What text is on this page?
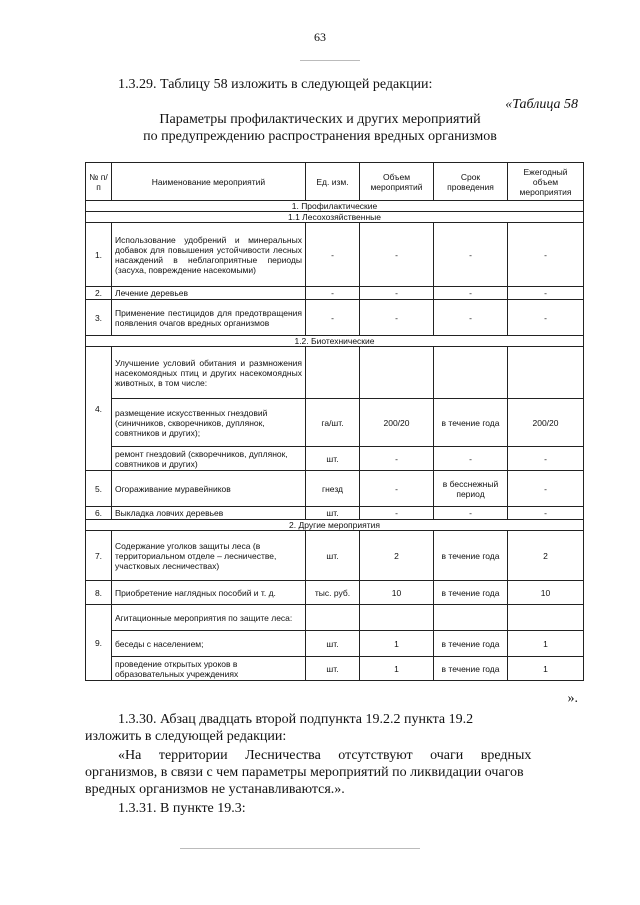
63
1.3.29. Таблицу 58 изложить в следующей редакции:
«Таблица 58
Параметры профилактических и других мероприятий
по предупреждению распространения вредных организмов
№ п/п	Наименование мероприятий	Ед. изм.	Объем мероприятий	Срок проведения	Ежегодный объем мероприятия
1. Профилактические					
1.1 Лесохозяйственные					
1.	Использование удобрений и минеральных добавок для повышения устойчивости лесных насаждений в неблагоприятные периоды (засуха, повреждение насекомыми)	-	-	-	-
2.	Лечение деревьев	-	-	-	-
3.	Применение пестицидов для предотвращения появления очагов вредных организмов	-	-	-	-
1.2. Биотехнические					
4.	Улучшение условий обитания и размножения насекомоядных птиц и других насекомоядных животных, в том числе:				
	размещение искусственных гнездовий (синичников, скворечников, дуплянок, совятников и других);	га/шт.	200/20	в течение года	200/20
	ремонт гнездовий (скворечников, дуплянок, совятников и других)	шт.	-	-	-
5.	Огораживание муравейников	гнезд	-	в бесснежный период	-
6.	Выкладка ловчих деревьев	шт.	-	-	-
2. Другие мероприятия					
7.	Содержание уголков защиты леса (в территориальном отделе – лесничестве, участковых лесничествах)	шт.	2	в течение года	2
8.	Приобретение наглядных пособий и т. д.	тыс. руб.	10	в течение года	10
9.	Агитационные мероприятия по защите леса:				
	беседы с населением;	шт.	1	в течение года	1
	проведение открытых уроков в образовательных учреждениях	шт.	1	в течение года	1
».
1.3.30. Абзац двадцать второй подпункта 19.2.2 пункта 19.2
изложить в следующей редакции:
«На     территории     Лесничества     отсутствуют     очаги     вредных
организмов, в связи с чем параметры мероприятий по ликвидации очагов
вредных организмов не устанавливаются.».
1.3.31. В пункте 19.3:
